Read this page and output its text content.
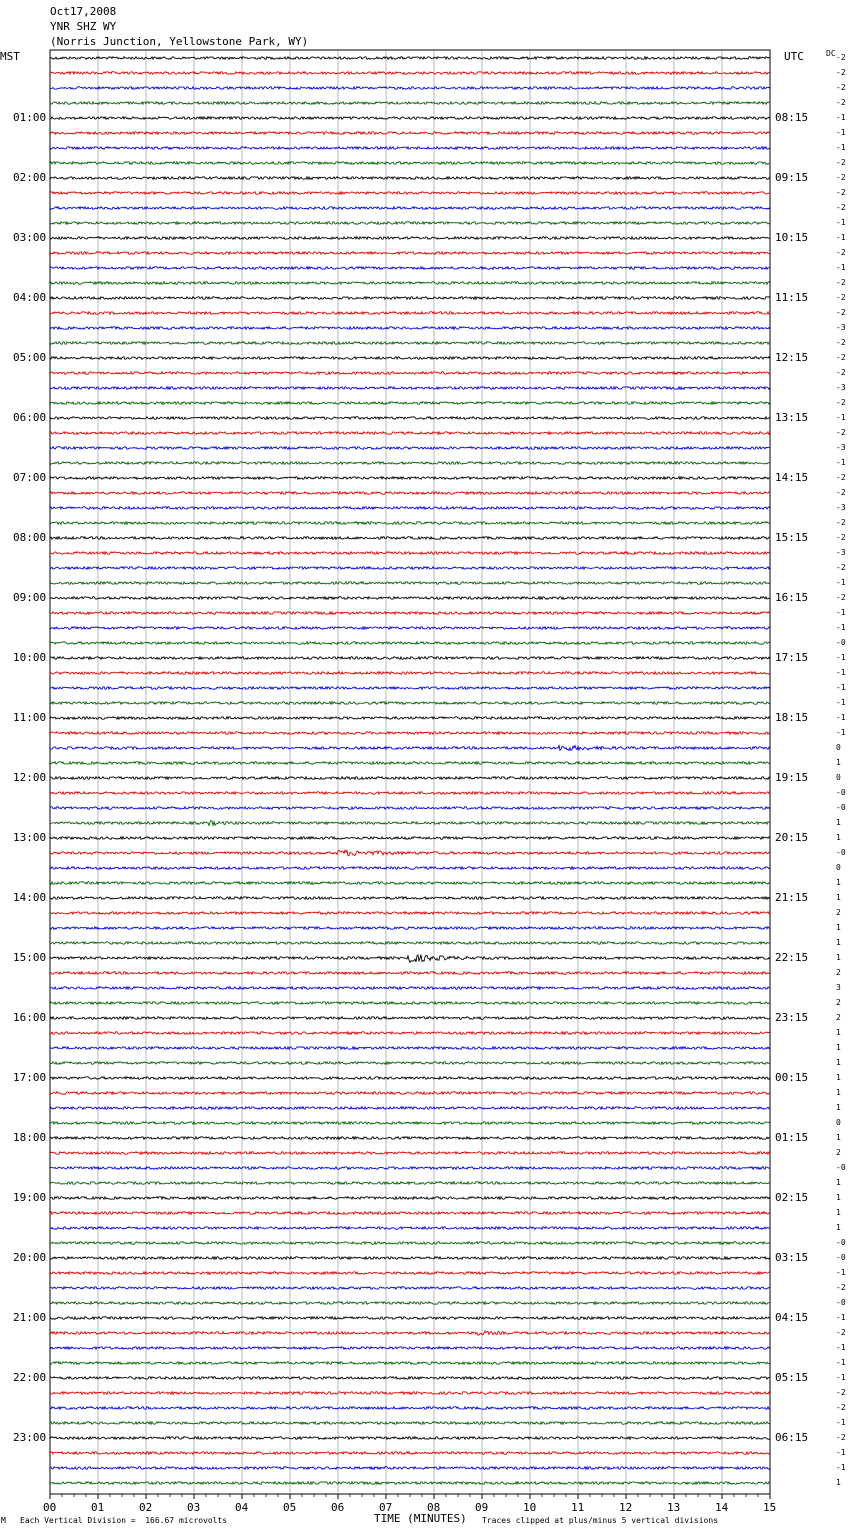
Oct17,2008
YNR SHZ WY
(Norris Junction, Yellowstone Park, WY)
MST	UTC	DC
01:00
02:00
03:00
04:00
05:00
06:00
07:00
08:00
09:00
10:00
11:00
12:00
13:00
14:00
15:00
16:00
17:00
18:00
19:00
20:00
21:00
22:00
23:00
08:15
09:15
10:15
11:15
12:15
13:15
14:15
15:15
16:15
17:15
18:15
19:15
20:15
21:15
22:15
23:15
00:15
01:15
02:15
03:15
04:15
05:15
06:15
-2
-2
-2
-2
-1
-1
-1
-2
-2
-2
-2
-1
-1
-2
-1
-2
-2
-2
-3
-2
-2
-2
-3
-2
-1
-2
-3
-1
-2
-2
-3
-2
-2
-3
-2
-1
-2
-1
-1
-0
-1
-1
-1
-1
-1
-1
0
1
0
-0
-0
1
1
-0
0
1
1
2
1
1
1
2
3
2
2
1
1
1
1
1
1
0
1
2
-0
1
1
1
1
-0
-0
-1
-2
-0
-1
-2
-1
-1
-1
-2
-2
-1
-2
-1
-1
1
00	01	02	03	04	05	06	07	08	09	10	11	12	13	14	15
M Each Vertical Division =  166.67 microvolts	Traces clipped at plus/minus 5 vertical divisions
TIME (MINUTES)
